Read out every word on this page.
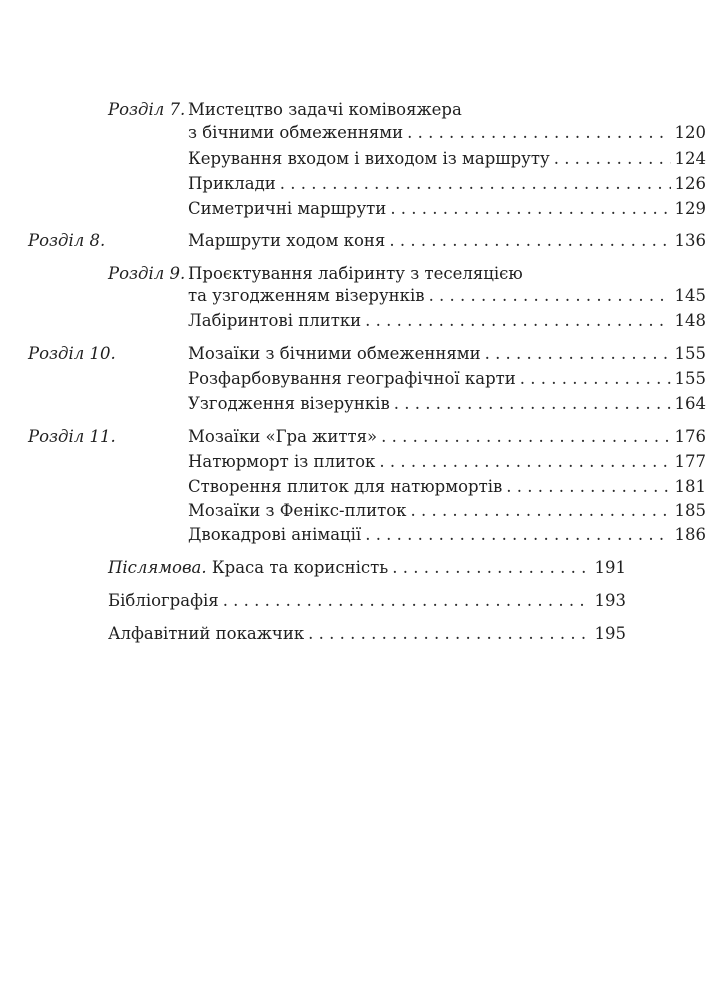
Розділ 7. Мистецтво задачі комівояжера
з бічними обмеженнями . . .	120
Керування входом і виходом із маршруту . . .	124
Приклади . . .	126
Симетричні маршрути . . .	129
Розділ 8.	Маршрути ходом коня . . .	136
Розділ 9. Проєктування лабіринту з теселяцією
та узгодженням візерунків . . .	145
Лабіринтові плитки . . .	148
Розділ 10.	Мозаїки з бічними обмеженнями . . .	155
Розфарбовування географічної карти . . .	155
Узгодження візерунків . . .	164
Розділ 11.	Мозаїки «Гра життя» . . .	176
Натюрморт із плиток . . .	177
Створення плиток для натюрмортів . . .	181
Мозаїки з Фенікс-плиток . . .	185
Двокадрові анімації . . .	186
Післямова. Краса та корисність . . .	191
Бібліографія . . .	193
Алфавітний покажчик . . .	195
